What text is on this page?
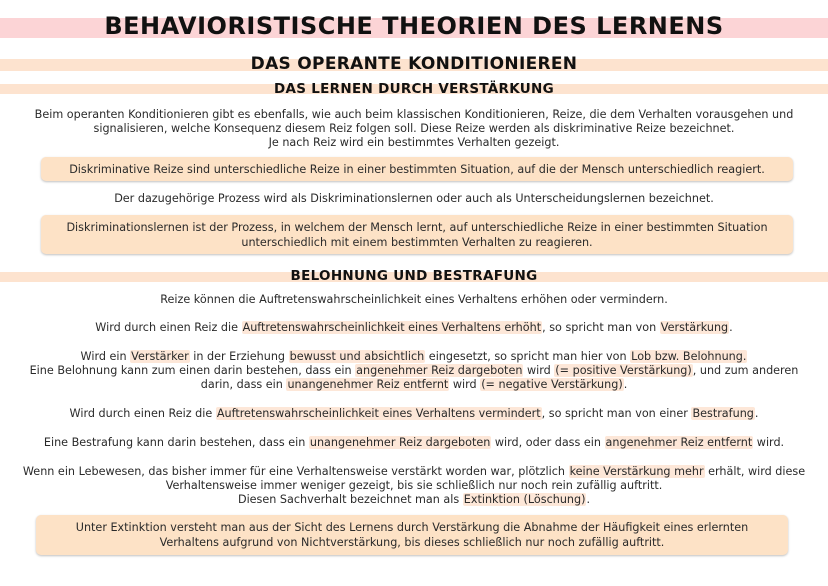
BEHAVIORISTISCHE THEORIEN DES LERNENS
DAS OPERANTE KONDITIONIEREN
DAS LERNEN DURCH VERSTÄRKUNG
Beim operanten Konditionieren gibt es ebenfalls, wie auch beim klassischen Konditionieren, Reize, die dem Verhalten vorausgehen und
signalisieren, welche Konsequenz diesem Reiz folgen soll. Diese Reize werden als diskriminative Reize bezeichnet.
Je nach Reiz wird ein bestimmtes Verhalten gezeigt.
Diskriminative Reize sind unterschiedliche Reize in einer bestimmten Situation, auf die der Mensch unterschiedlich reagiert.
Der dazugehörige Prozess wird als Diskriminationslernen oder auch als Unterscheidungslernen bezeichnet.
Diskriminationslernen ist der Prozess, in welchem der Mensch lernt, auf unterschiedliche Reize in einer bestimmten Situation
unterschiedlich mit einem bestimmten Verhalten zu reagieren.
BELOHNUNG UND BESTRAFUNG
Reize können die Auftretenswahrscheinlichkeit eines Verhaltens erhöhen oder vermindern.
Wird durch einen Reiz die Auftretenswahrscheinlichkeit eines Verhaltens erhöht, so spricht man von Verstärkung.
Wird ein Verstärker in der Erziehung bewusst und absichtlich eingesetzt, so spricht man hier von Lob bzw. Belohnung.
Eine Belohnung kann zum einen darin bestehen, dass ein angenehmer Reiz dargeboten wird (= positive Verstärkung), und zum anderen
darin, dass ein unangenehmer Reiz entfernt wird (= negative Verstärkung).
Wird durch einen Reiz die Auftretenswahrscheinlichkeit eines Verhaltens vermindert, so spricht man von einer Bestrafung.
Eine Bestrafung kann darin bestehen, dass ein unangenehmer Reiz dargeboten wird, oder dass ein angenehmer Reiz entfernt wird.
Wenn ein Lebewesen, das bisher immer für eine Verhaltensweise verstärkt worden war, plötzlich keine Verstärkung mehr erhält, wird diese
Verhaltensweise immer weniger gezeigt, bis sie schließlich nur noch rein zufällig auftritt.
Diesen Sachverhalt bezeichnet man als Extinktion (Löschung).
Unter Extinktion versteht man aus der Sicht des Lernens durch Verstärkung die Abnahme der Häufigkeit eines erlernten
Verhaltens aufgrund von Nichtverstärkung, bis dieses schließlich nur noch zufällig auftritt.
